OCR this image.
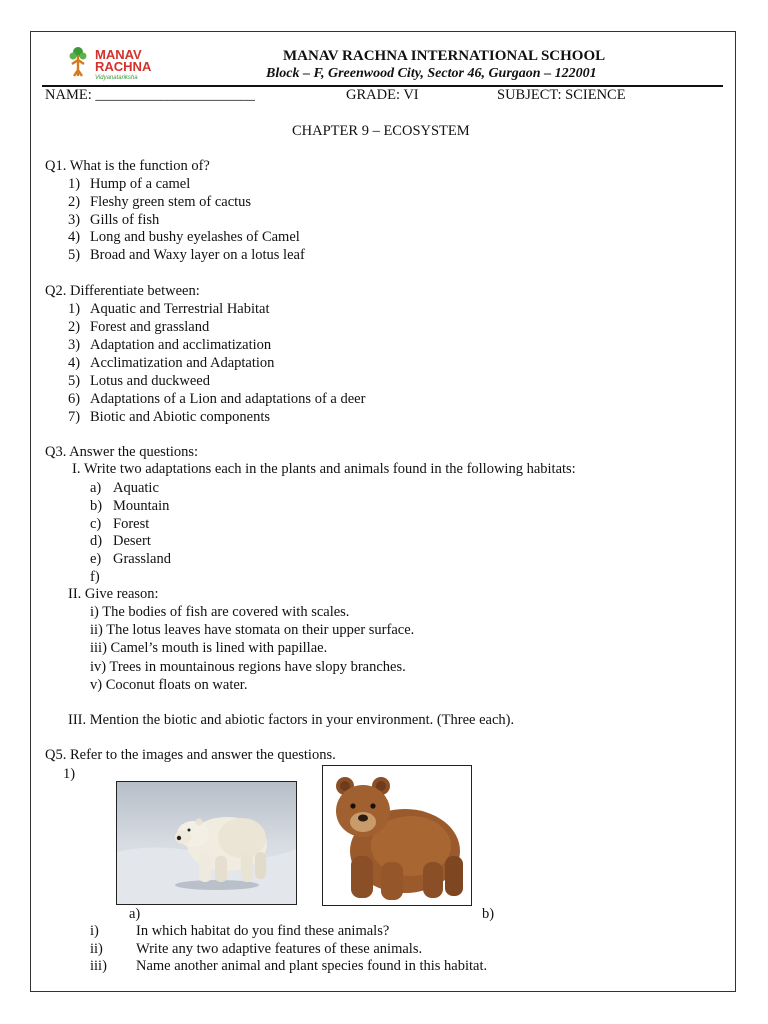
MANAV
RACHNA
Vidyanatariksha
MANAV RACHNA INTERNATIONAL SCHOOL
Block – F, Greenwood City, Sector 46, Gurgaon – 122001
NAME: ______________________	GRADE: VI	SUBJECT: SCIENCE
CHAPTER 9 – ECOSYSTEM
Q1. What is the function of?
1) Hump of a camel
2) Fleshy green stem of cactus
3) Gills of fish
4) Long and bushy eyelashes of Camel
5) Broad and Waxy layer on a lotus leaf
Q2. Differentiate between:
1) Aquatic and Terrestrial Habitat
2) Forest and grassland
3) Adaptation and acclimatization
4) Acclimatization and Adaptation
5) Lotus and duckweed
6) Adaptations of a Lion and adaptations of a deer
7) Biotic and Abiotic components
Q3. Answer the questions:
I. Write two adaptations each in the plants and animals found in the following habitats:
a) Aquatic
b) Mountain
c) Forest
d) Desert
e) Grassland
f)
II. Give reason:
i) The bodies of fish are covered with scales.
ii) The lotus leaves have stomata on their upper surface.
iii) Camel’s mouth is lined with papillae.
iv) Trees in mountainous regions have slopy branches.
v) Coconut floats on water.
III. Mention the biotic and abiotic factors in your environment. (Three each).
Q5. Refer to the images and answer the questions.
1)
a)	b)
i)	In which habitat do you find these animals?
ii) Write any two adaptive features of these animals.
iii) Name another animal and plant species found in this habitat.
